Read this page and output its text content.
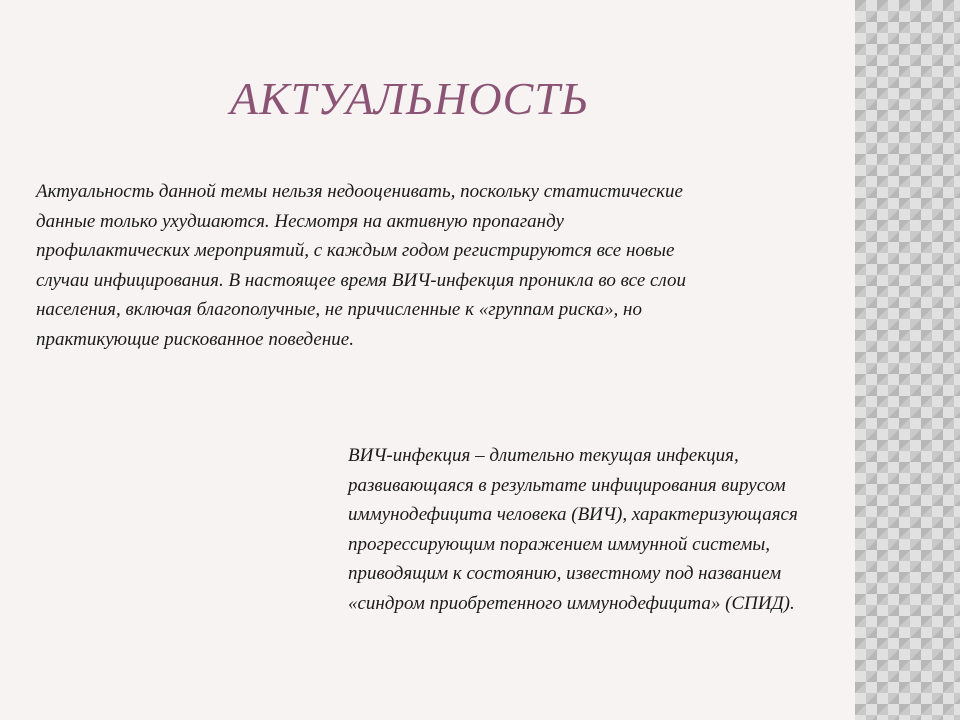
АКТУАЛЬНОСТЬ

Актуальность данной темы нельзя недооценивать, поскольку статистические данные только ухудшаются. Несмотря на активную пропаганду профилактических мероприятий, с каждым годом регистрируются все новые случаи инфицирования. В настоящее время ВИЧ-инфекция проникла во все слои населения, включая благополучные, не причисленные к «группам риска», но практикующие рискованное поведение.

ВИЧ-инфекция – длительно текущая инфекция, развивающаяся в результате инфицирования вирусом иммунодефицита человека (ВИЧ), характеризующаяся прогрессирующим поражением иммунной системы, приводящим к состоянию, известному под названием «синдром приобретенного иммунодефицита» (СПИД).
